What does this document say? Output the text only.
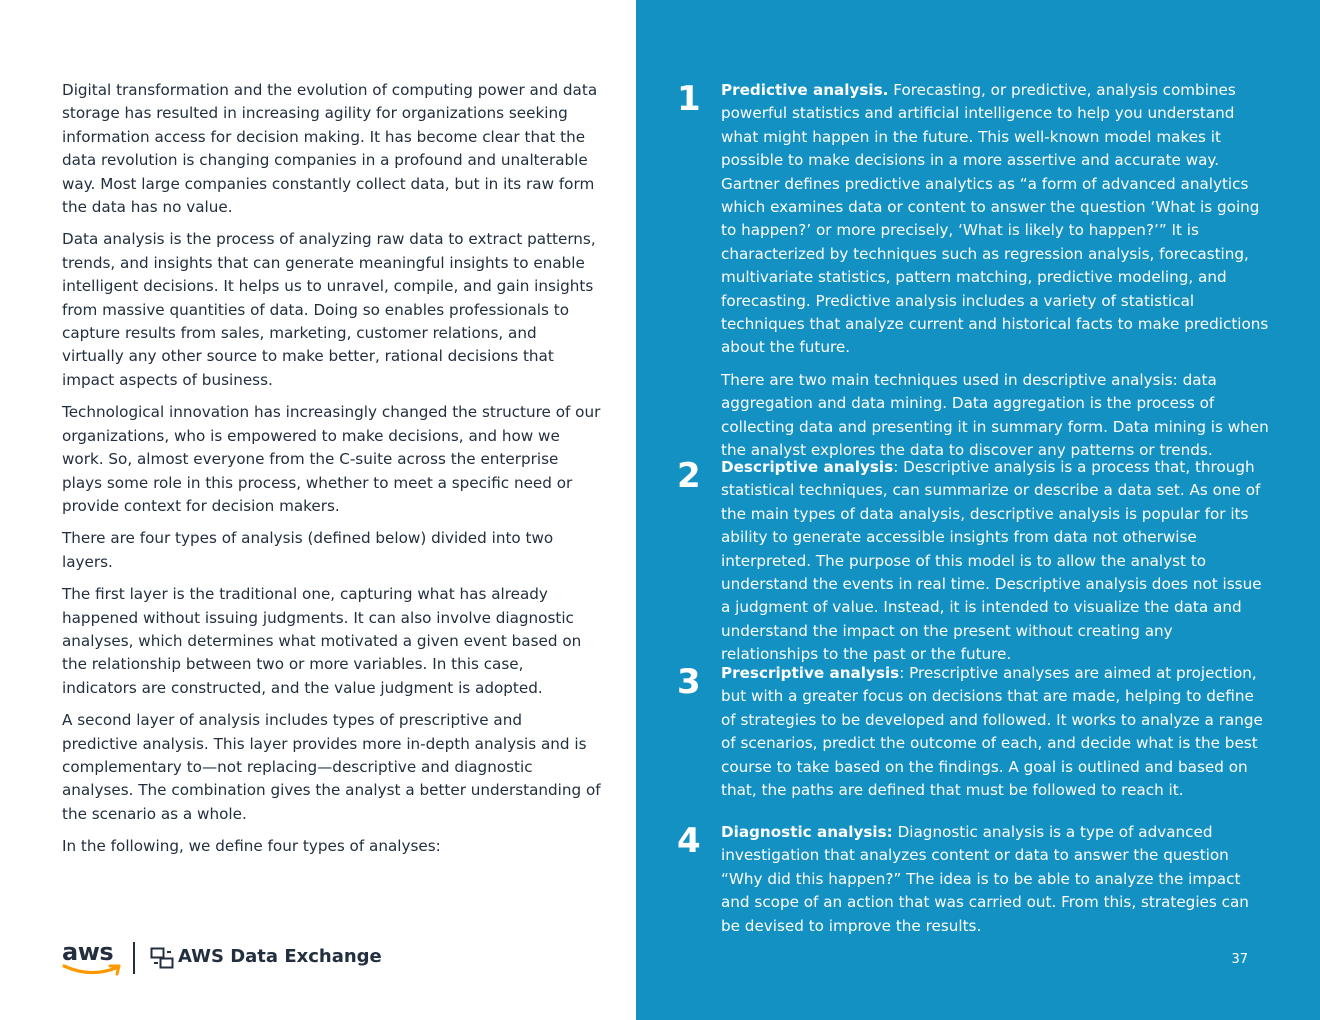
Digital transformation and the evolution of computing power and data storage has resulted in increasing agility for organizations seeking information access for decision making. It has become clear that the data revolution is changing companies in a profound and unalterable way. Most large companies constantly collect data, but in its raw form the data has no value.

Data analysis is the process of analyzing raw data to extract patterns, trends, and insights that can generate meaningful insights to enable intelligent decisions. It helps us to unravel, compile, and gain insights from massive quantities of data. Doing so enables professionals to capture results from sales, marketing, customer relations, and virtually any other source to make better, rational decisions that impact aspects of business.

Technological innovation has increasingly changed the structure of our organizations, who is empowered to make decisions, and how we work. So, almost everyone from the C-suite across the enterprise plays some role in this process, whether to meet a specific need or provide context for decision makers.

There are four types of analysis (defined below) divided into two layers.

The first layer is the traditional one, capturing what has already happened without issuing judgments. It can also involve diagnostic analyses, which determines what motivated a given event based on the relationship between two or more variables. In this case, indicators are constructed, and the value judgment is adopted.

A second layer of analysis includes types of prescriptive and predictive analysis. This layer provides more in-depth analysis and is complementary to—not replacing—descriptive and diagnostic analyses. The combination gives the analyst a better understanding of the scenario as a whole.

In the following, we define four types of analyses:

aws	AWS Data Exchange
1	Predictive analysis. Forecasting, or predictive, analysis combines powerful statistics and artificial intelligence to help you understand what might happen in the future. This well-known model makes it possible to make decisions in a more assertive and accurate way. Gartner defines predictive analytics as “a form of advanced analytics which examines data or content to answer the question ‘What is going to happen?’ or more precisely, ‘What is likely to happen?’” It is characterized by techniques such as regression analysis, forecasting, multivariate statistics, pattern matching, predictive modeling, and forecasting. Predictive analysis includes a variety of statistical techniques that analyze current and historical facts to make predictions about the future.

There are two main techniques used in descriptive analysis: data aggregation and data mining. Data aggregation is the process of collecting data and presenting it in summary form. Data mining is when the analyst explores the data to discover any patterns or trends.

2	Descriptive analysis: Descriptive analysis is a process that, through statistical techniques, can summarize or describe a data set. As one of the main types of data analysis, descriptive analysis is popular for its ability to generate accessible insights from data not otherwise interpreted. The purpose of this model is to allow the analyst to understand the events in real time. Descriptive analysis does not issue a judgment of value. Instead, it is intended to visualize the data and understand the impact on the present without creating any relationships to the past or the future.

3	Prescriptive analysis: Prescriptive analyses are aimed at projection, but with a greater focus on decisions that are made, helping to define of strategies to be developed and followed. It works to analyze a range of scenarios, predict the outcome of each, and decide what is the best course to take based on the findings. A goal is outlined and based on that, the paths are defined that must be followed to reach it.

4	Diagnostic analysis: Diagnostic analysis is a type of advanced investigation that analyzes content or data to answer the question “Why did this happen?” The idea is to be able to analyze the impact and scope of an action that was carried out. From this, strategies can be devised to improve the results.

37
